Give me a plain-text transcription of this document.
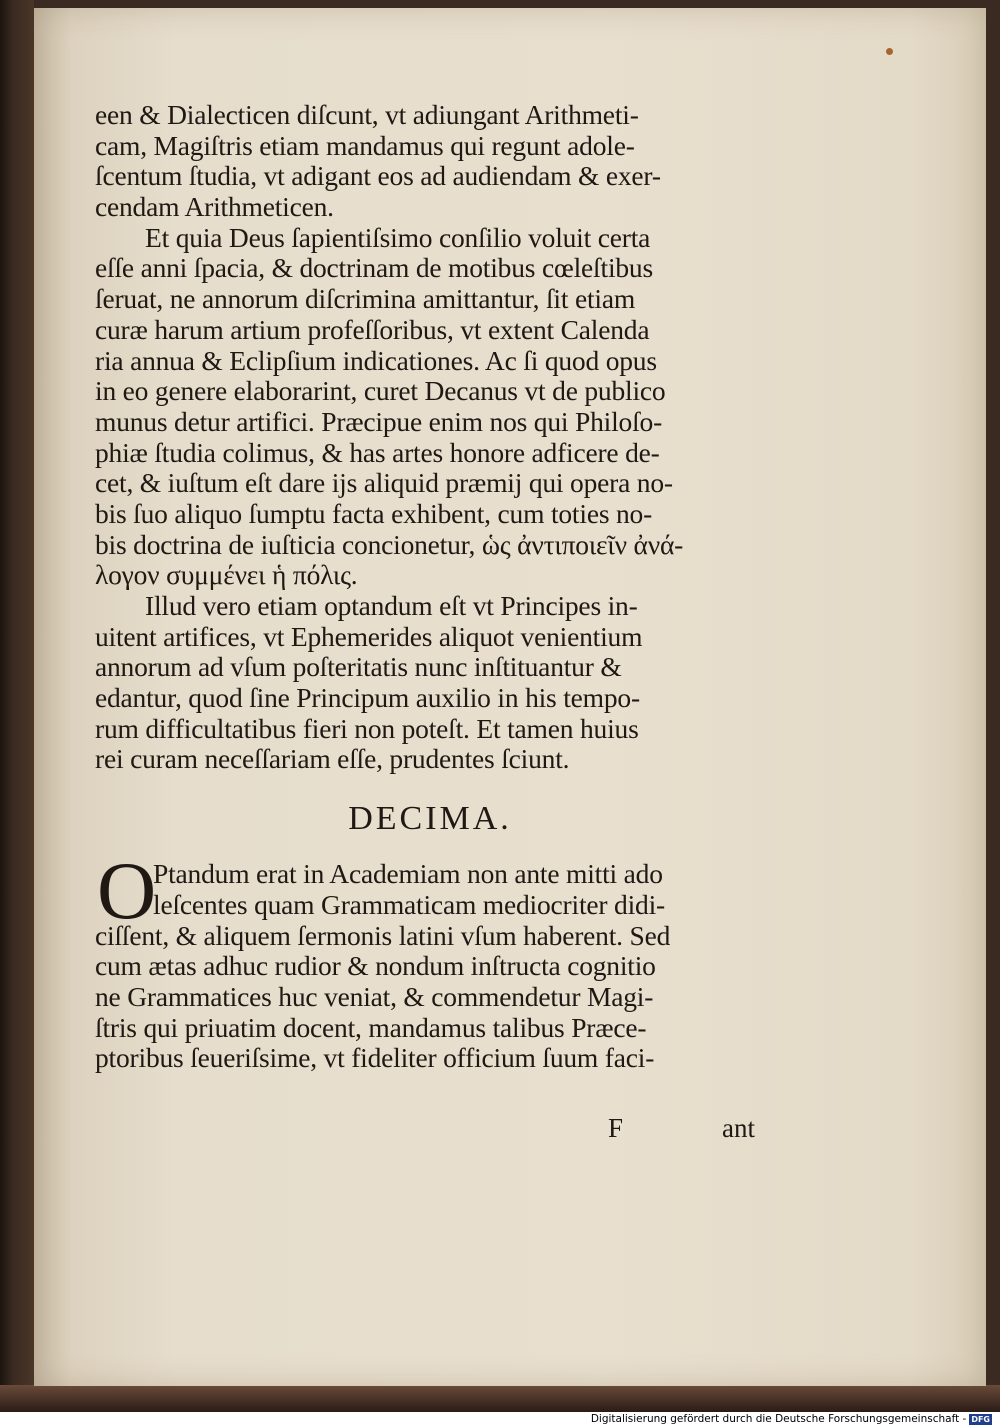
een & Dialecticen diſcunt, vt adiungant Arithmeti-
cam, Magiſtris etiam mandamus qui regunt adole-
ſcentum ſtudia, vt adigant eos ad audiendam & exer-
cendam Arithmeticen.
Et quia Deus ſapientiſsimo conſilio voluit certa
eſſe anni ſpacia, & doctrinam de motibus cœleſtibus
ſeruat, ne annorum diſcrimina amittantur, ſit etiam
curæ harum artium profeſſoribus, vt extent Calenda
ria annua & Eclipſium indicationes. Ac ſi quod opus
in eo genere elaborarint, curet Decanus vt de publico
munus detur artifici. Præcipue enim nos qui Philoſo-
phiæ ſtudia colimus, & has artes honore adficere de-
cet, & iuſtum eſt dare ijs aliquid præmij qui opera no-
bis ſuo aliquo ſumptu facta exhibent, cum toties no-
bis doctrina de iuſticia concionetur, ὡς ἀντιποιεῖν ἀνά-
λογον συμμένει ἡ πόλις.
Illud vero etiam optandum eſt vt Principes in-
uitent artifices, vt Ephemerides aliquot venientium
annorum ad vſum poſteritatis nunc inſtituantur &
edantur, quod ſine Principum auxilio in his tempo-
rum difficultatibus fieri non poteſt. Et tamen huius
rei curam neceſſariam eſſe, prudentes ſciunt.
DECIMA.
O
Ptandum erat in Academiam non ante mitti ado
leſcentes quam Grammaticam mediocriter didi-
ciſſent, & aliquem ſermonis latini vſum haberent. Sed
cum ætas adhuc rudior & nondum inſtructa cognitio
ne Grammatices huc veniat, & commendetur Magi-
ſtris qui priuatim docent, mandamus talibus Præce-
ptoribus ſeueriſsime, vt fideliter officium ſuum faci-
F	ant
Digitalisierung gefördert durch die Deutsche Forschungsgemeinschaft - DFG
